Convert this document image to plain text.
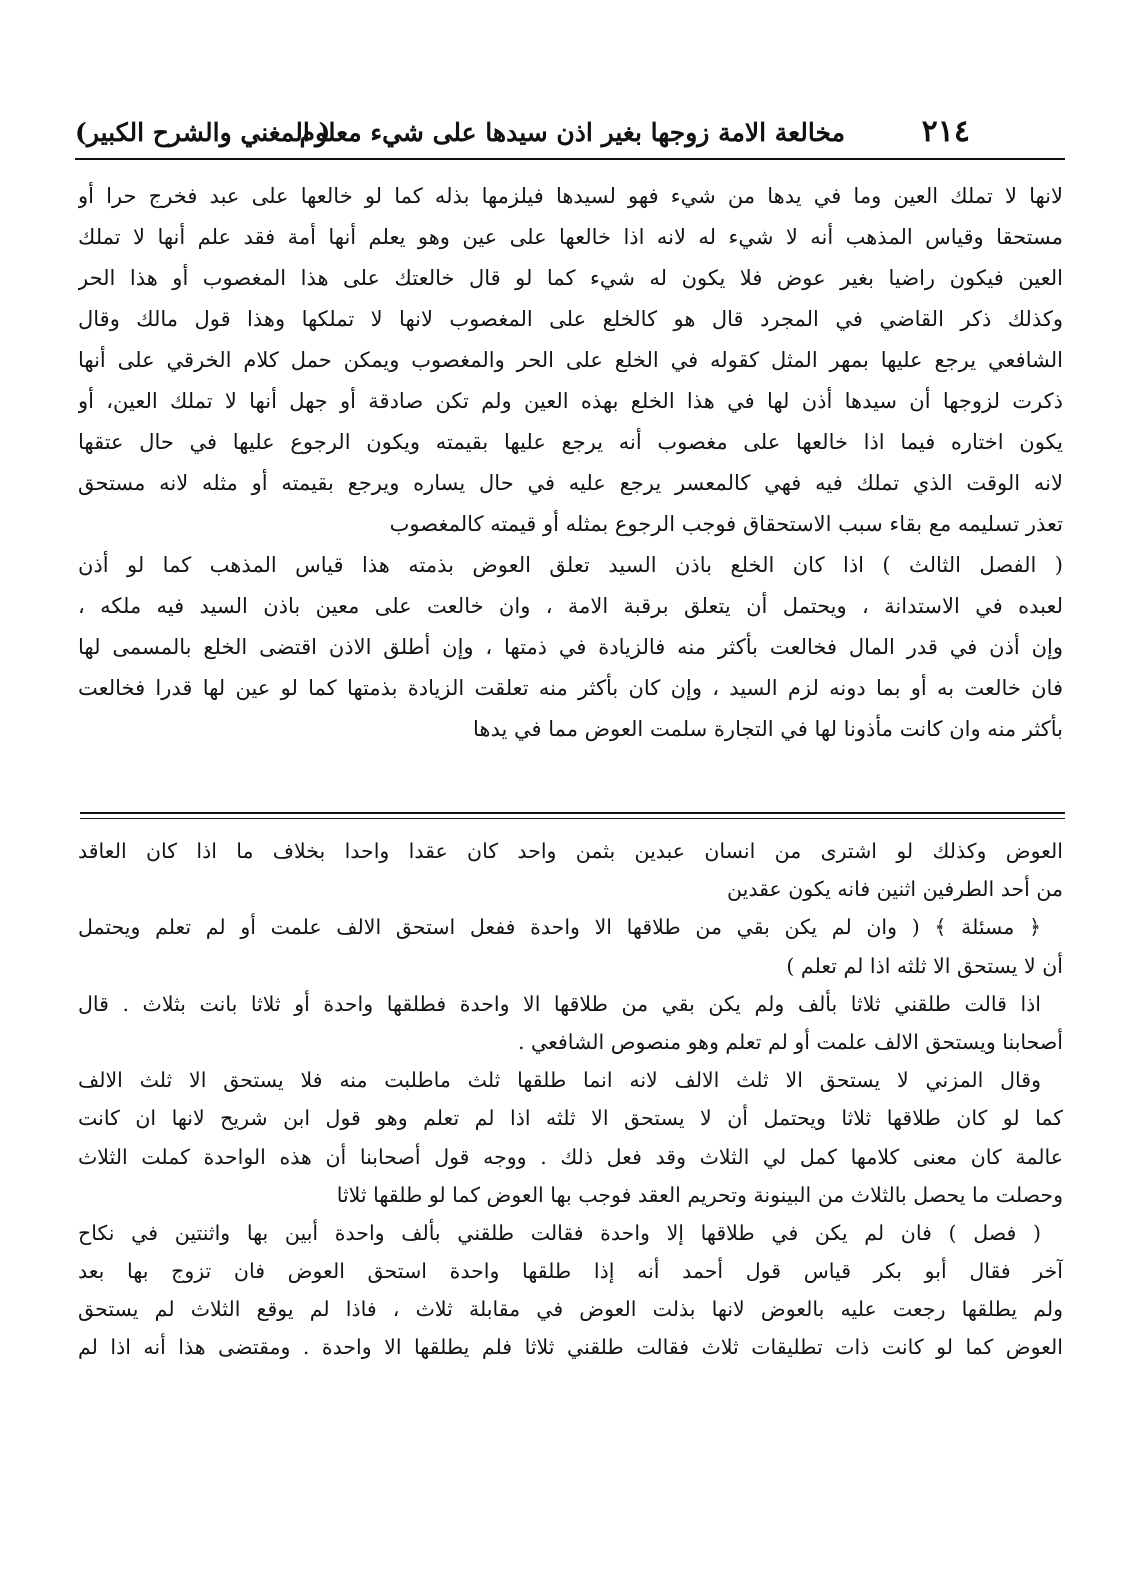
٢١٤
مخالعة الامة زوجها بغير اذن سيدها على شيء معلوم
( المغني والشرح الكبير)
لانها لا تملك العين وما في يدها من شيء فهو لسيدها فيلزمها بذله كما لو خالعها على عبد فخرج حرا أو
مستحقا وقياس المذهب أنه لا شيء له لانه اذا خالعها على عين وهو يعلم أنها أمة فقد علم أنها لا تملك
العين فيكون راضيا بغير عوض فلا يكون له شيء كما لو قال خالعتك على هذا المغصوب أو هذا الحر
وكذلك ذكر القاضي في المجرد قال هو كالخلع على المغصوب لانها لا تملكها وهذا قول مالك وقال
الشافعي يرجع عليها بمهر المثل كقوله في الخلع على الحر والمغصوب ويمكن حمل كلام الخرقي على أنها
ذكرت لزوجها أن سيدها أذن لها في هذا الخلع بهذه العين ولم تكن صادقة أو جهل أنها لا تملك العين، أو
يكون اختاره فيما اذا خالعها على مغصوب أنه يرجع عليها بقيمته ويكون الرجوع عليها في حال عتقها
لانه الوقت الذي تملك فيه فهي كالمعسر يرجع عليه في حال يساره ويرجع بقيمته أو مثله لانه مستحق
تعذر تسليمه مع بقاء سبب الاستحقاق فوجب الرجوع بمثله أو قيمته كالمغصوب
( الفصل الثالث ) اذا كان الخلع باذن السيد تعلق العوض بذمته هذا قياس المذهب كما لو أذن
لعبده في الاستدانة ، ويحتمل أن يتعلق برقبة الامة ، وان خالعت على معين باذن السيد فيه ملكه ،
وإن أذن في قدر المال فخالعت بأكثر منه فالزيادة في ذمتها ، وإن أطلق الاذن اقتضى الخلع بالمسمى لها
فان خالعت به أو بما دونه لزم السيد ، وإن كان بأكثر منه تعلقت الزيادة بذمتها كما لو عين لها قدرا فخالعت
بأكثر منه وان كانت مأذونا لها في التجارة سلمت العوض مما في يدها
العوض وكذلك لو اشترى من انسان عبدين بثمن واحد كان عقدا واحدا بخلاف ما اذا كان العاقد
من أحد الطرفين اثنين فانه يكون عقدين
﴿ مسئلة ﴾ ( وان لم يكن بقي من طلاقها الا واحدة ففعل استحق الالف علمت أو لم تعلم ويحتمل
أن لا يستحق الا ثلثه اذا لم تعلم )
اذا قالت طلقني ثلاثا بألف ولم يكن بقي من طلاقها الا واحدة فطلقها واحدة أو ثلاثا بانت بثلاث . قال
أصحابنا ويستحق الالف علمت أو لم تعلم وهو منصوص الشافعي .
وقال المزني لا يستحق الا ثلث الالف لانه انما طلقها ثلث ماطلبت منه فلا يستحق الا ثلث الالف
كما لو كان طلاقها ثلاثا ويحتمل أن لا يستحق الا ثلثه اذا لم تعلم وهو قول ابن شريح لانها ان كانت
عالمة كان معنى كلامها كمل لي الثلاث وقد فعل ذلك . ووجه قول أصحابنا أن هذه الواحدة كملت الثلاث
وحصلت ما يحصل بالثلاث من البينونة وتحريم العقد فوجب بها العوض كما لو طلقها ثلاثا
( فصل ) فان لم يكن في طلاقها إلا واحدة فقالت طلقني بألف واحدة أبين بها واثنتين في نكاح
آخر فقال أبو بكر قياس قول أحمد أنه إذا طلقها واحدة استحق العوض فان تزوج بها بعد
ولم يطلقها رجعت عليه بالعوض لانها بذلت العوض في مقابلة ثلاث ، فاذا لم يوقع الثلاث لم يستحق
العوض كما لو كانت ذات تطليقات ثلاث فقالت طلقني ثلاثا فلم يطلقها الا واحدة . ومقتضى هذا أنه اذا لم
